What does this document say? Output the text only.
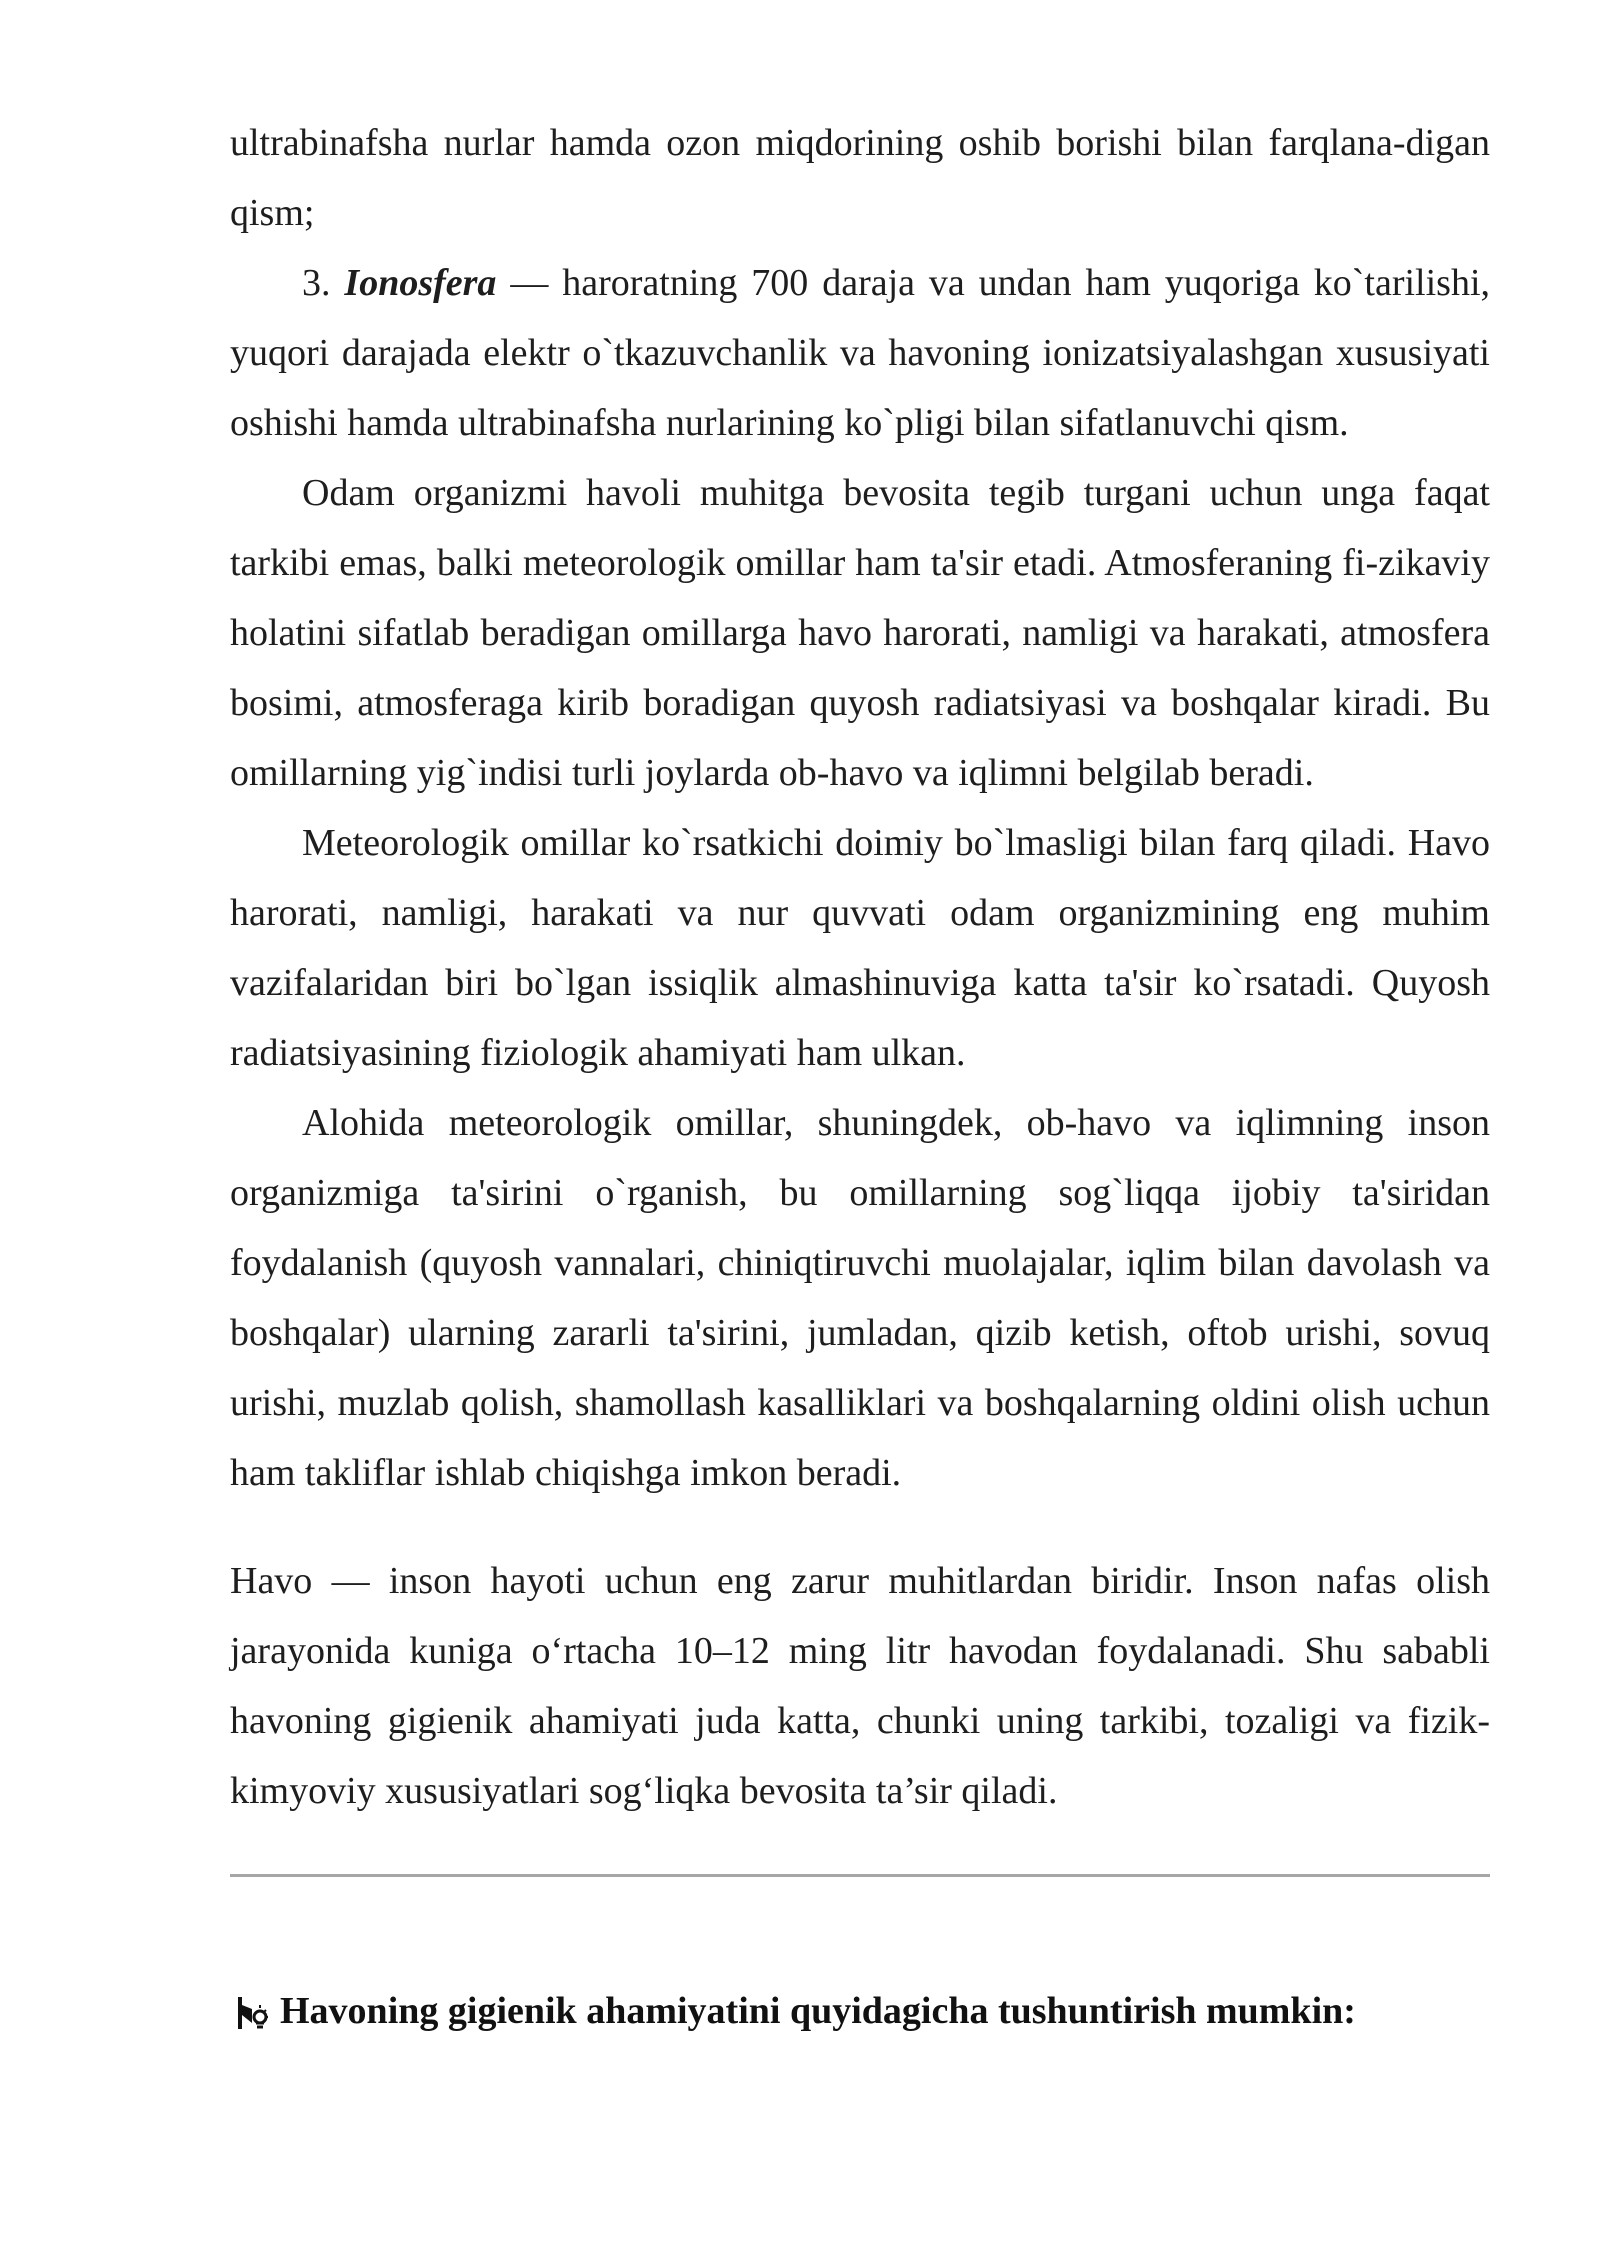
ultrabinafsha nurlar hamda ozon miqdorining oshib borishi bilan farqlana-digan qism;

3. Ionosfera — haroratning 700 daraja va undan ham yuqoriga ko`tarilishi, yuqori darajada elektr o`tkazuvchanlik va havoning ionizatsiyalashgan xususiyati oshishi hamda ultrabinafsha nurlarining ko`pligi bilan sifatlanuvchi qism.

Odam organizmi havoli muhitga bevosita tegib turgani uchun unga faqat tarkibi emas, balki meteorologik omillar ham ta'sir etadi. Atmosferaning fi-zikaviy holatini sifatlab beradigan omillarga havo harorati, namligi va harakati, atmosfera bosimi, atmosferaga kirib boradigan quyosh radiatsiyasi va boshqalar kiradi. Bu omillarning yig`indisi turli joylarda ob-havo va iqlimni belgilab beradi.

Meteorologik omillar ko`rsatkichi doimiy bo`lmasligi bilan farq qiladi. Havo harorati, namligi, harakati va nur quvvati odam organizmining eng muhim vazifalaridan biri bo`lgan issiqlik almashinuviga katta ta'sir ko`rsatadi. Quyosh radiatsiyasining fiziologik ahamiyati ham ulkan.

Alohida meteorologik omillar, shuningdek, ob-havo va iqlimning inson organizmiga ta'sirini o`rganish, bu omillarning sog`liqqa ijobiy ta'siridan foydalanish (quyosh vannalari, chiniqtiruvchi muolajalar, iqlim bilan davolash va boshqalar) ularning zararli ta'sirini, jumladan, qizib ketish, oftob urishi, sovuq urishi, muzlab qolish, shamollash kasalliklari va boshqalarning oldini olish uchun ham takliflar ishlab chiqishga imkon beradi.

Havo — inson hayoti uchun eng zarur muhitlardan biridir. Inson nafas olish jarayonida kuniga o‘rtacha 10–12 ming litr havodan foydalanadi. Shu sababli havoning gigienik ahamiyati juda katta, chunki uning tarkibi, tozaligi va fizik-kimyoviy xususiyatlari sog‘liqka bevosita ta’sir qiladi.

Havoning gigienik ahamiyatini quyidagicha tushuntirish mumkin:
